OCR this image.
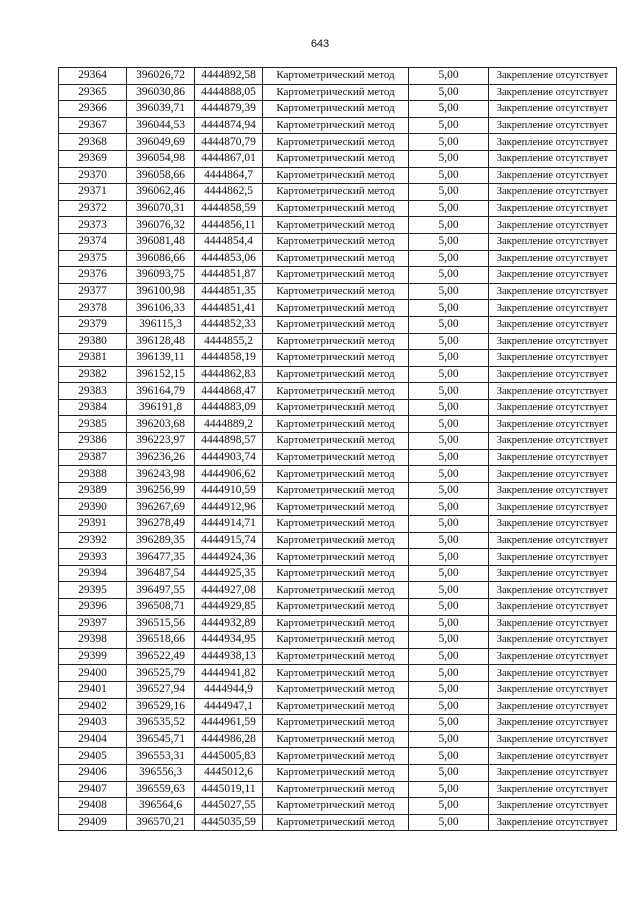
643
29364	396026,72	4444892,58	Картометрический метод	5,00	Закрепление отсутствует
29365	396030,86	4444888,05	Картометрический метод	5,00	Закрепление отсутствует
29366	396039,71	4444879,39	Картометрический метод	5,00	Закрепление отсутствует
29367	396044,53	4444874,94	Картометрический метод	5,00	Закрепление отсутствует
29368	396049,69	4444870,79	Картометрический метод	5,00	Закрепление отсутствует
29369	396054,98	4444867,01	Картометрический метод	5,00	Закрепление отсутствует
29370	396058,66	4444864,7	Картометрический метод	5,00	Закрепление отсутствует
29371	396062,46	4444862,5	Картометрический метод	5,00	Закрепление отсутствует
29372	396070,31	4444858,59	Картометрический метод	5,00	Закрепление отсутствует
29373	396076,32	4444856,11	Картометрический метод	5,00	Закрепление отсутствует
29374	396081,48	4444854,4	Картометрический метод	5,00	Закрепление отсутствует
29375	396086,66	4444853,06	Картометрический метод	5,00	Закрепление отсутствует
29376	396093,75	4444851,87	Картометрический метод	5,00	Закрепление отсутствует
29377	396100,98	4444851,35	Картометрический метод	5,00	Закрепление отсутствует
29378	396106,33	4444851,41	Картометрический метод	5,00	Закрепление отсутствует
29379	396115,3	4444852,33	Картометрический метод	5,00	Закрепление отсутствует
29380	396128,48	4444855,2	Картометрический метод	5,00	Закрепление отсутствует
29381	396139,11	4444858,19	Картометрический метод	5,00	Закрепление отсутствует
29382	396152,15	4444862,83	Картометрический метод	5,00	Закрепление отсутствует
29383	396164,79	4444868,47	Картометрический метод	5,00	Закрепление отсутствует
29384	396191,8	4444883,09	Картометрический метод	5,00	Закрепление отсутствует
29385	396203,68	4444889,2	Картометрический метод	5,00	Закрепление отсутствует
29386	396223,97	4444898,57	Картометрический метод	5,00	Закрепление отсутствует
29387	396236,26	4444903,74	Картометрический метод	5,00	Закрепление отсутствует
29388	396243,98	4444906,62	Картометрический метод	5,00	Закрепление отсутствует
29389	396256,99	4444910,59	Картометрический метод	5,00	Закрепление отсутствует
29390	396267,69	4444912,96	Картометрический метод	5,00	Закрепление отсутствует
29391	396278,49	4444914,71	Картометрический метод	5,00	Закрепление отсутствует
29392	396289,35	4444915,74	Картометрический метод	5,00	Закрепление отсутствует
29393	396477,35	4444924,36	Картометрический метод	5,00	Закрепление отсутствует
29394	396487,54	4444925,35	Картометрический метод	5,00	Закрепление отсутствует
29395	396497,55	4444927,08	Картометрический метод	5,00	Закрепление отсутствует
29396	396508,71	4444929,85	Картометрический метод	5,00	Закрепление отсутствует
29397	396515,56	4444932,89	Картометрический метод	5,00	Закрепление отсутствует
29398	396518,66	4444934,95	Картометрический метод	5,00	Закрепление отсутствует
29399	396522,49	4444938,13	Картометрический метод	5,00	Закрепление отсутствует
29400	396525,79	4444941,82	Картометрический метод	5,00	Закрепление отсутствует
29401	396527,94	4444944,9	Картометрический метод	5,00	Закрепление отсутствует
29402	396529,16	4444947,1	Картометрический метод	5,00	Закрепление отсутствует
29403	396535,52	4444961,59	Картометрический метод	5,00	Закрепление отсутствует
29404	396545,71	4444986,28	Картометрический метод	5,00	Закрепление отсутствует
29405	396553,31	4445005,83	Картометрический метод	5,00	Закрепление отсутствует
29406	396556,3	4445012,6	Картометрический метод	5,00	Закрепление отсутствует
29407	396559,63	4445019,11	Картометрический метод	5,00	Закрепление отсутствует
29408	396564,6	4445027,55	Картометрический метод	5,00	Закрепление отсутствует
29409	396570,21	4445035,59	Картометрический метод	5,00	Закрепление отсутствует
